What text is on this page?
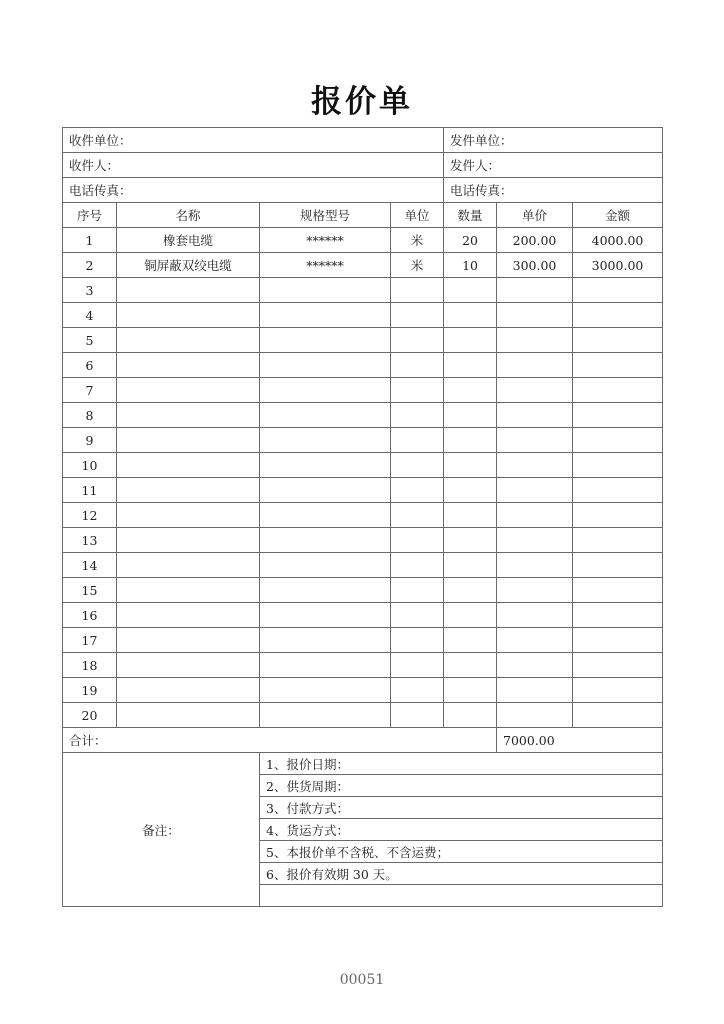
报价单
收件单位：				发件单位：		
收件人：				发件人：		
电话传真：				电话传真：		
序号	名称	规格型号	单位	数量	单价	金额
1	橡套电缆	******	米	20	200.00	4000.00
2	铜屏蔽双绞电缆	******	米	10	300.00	3000.00
3						
4						
5						
6						
7						
8						
9						
10						
11						
12						
13						
14						
15						
16						
17						
18						
19						
20						
合计：					7000.00	
备注：		1、报价日期：				
		2、供货周期：				
		3、付款方式：				
		4、货运方式：				
		5、本报价单不含税、不含运费；				
		6、报价有效期 30 天。				

00051
